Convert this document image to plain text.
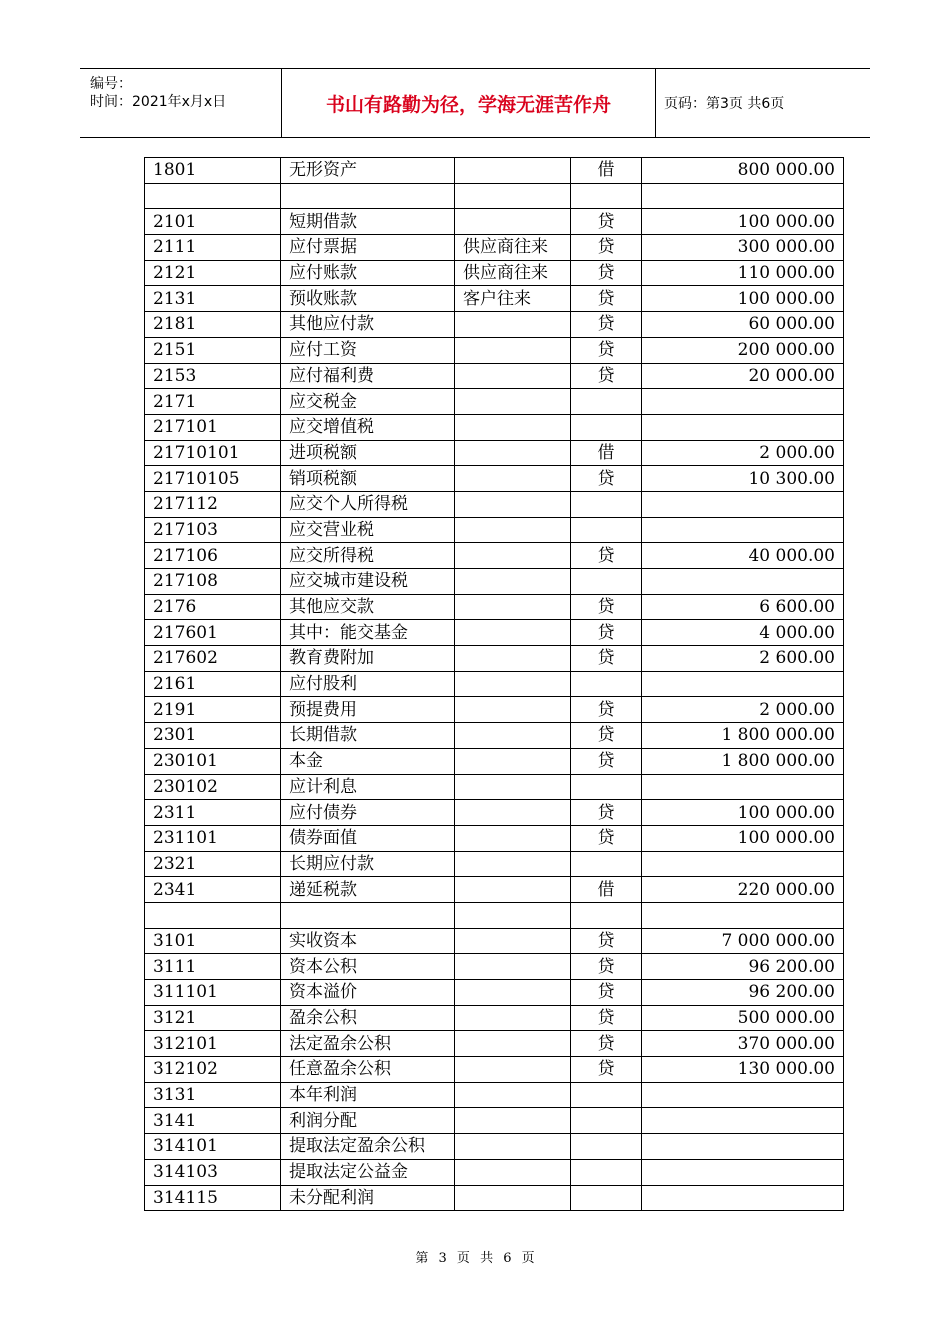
编号：
时间：2021年x月x日	书山有路勤为径，学海无涯苦作舟	页码：第3页 共6页
1801	无形资产		借	800 000.00

2101	短期借款		贷	100 000.00
2111	应付票据	供应商往来	贷	300 000.00
2121	应付账款	供应商往来	贷	110 000.00
2131	预收账款	客户往来	贷	100 000.00
2181	其他应付款		贷	60 000.00
2151	应付工资		贷	200 000.00
2153	应付福利费		贷	20 000.00
2171	应交税金			
217101	应交增值税			
21710101	进项税额		借	2 000.00
21710105	销项税额		贷	10 300.00
217112	应交个人所得税			
217103	应交营业税			
217106	应交所得税		贷	40 000.00
217108	应交城市建设税			
2176	其他应交款		贷	6 600.00
217601	其中：能交基金		贷	4 000.00
217602	教育费附加		贷	2 600.00
2161	应付股利			
2191	预提费用		贷	2 000.00
2301	长期借款		贷	1 800 000.00
230101	本金		贷	1 800 000.00
230102	应计利息			
2311	应付债券		贷	100 000.00
231101	债券面值		贷	100 000.00
2321	长期应付款			
2341	递延税款		借	220 000.00

3101	实收资本		贷	7 000 000.00
3111	资本公积		贷	96 200.00
311101	资本溢价		贷	96 200.00
3121	盈余公积		贷	500 000.00
312101	法定盈余公积		贷	370 000.00
312102	任意盈余公积		贷	130 000.00
3131	本年利润			
3141	利润分配			
314101	提取法定盈余公积			
314103	提取法定公益金			
314115	未分配利润			
第 3 页 共 6 页
